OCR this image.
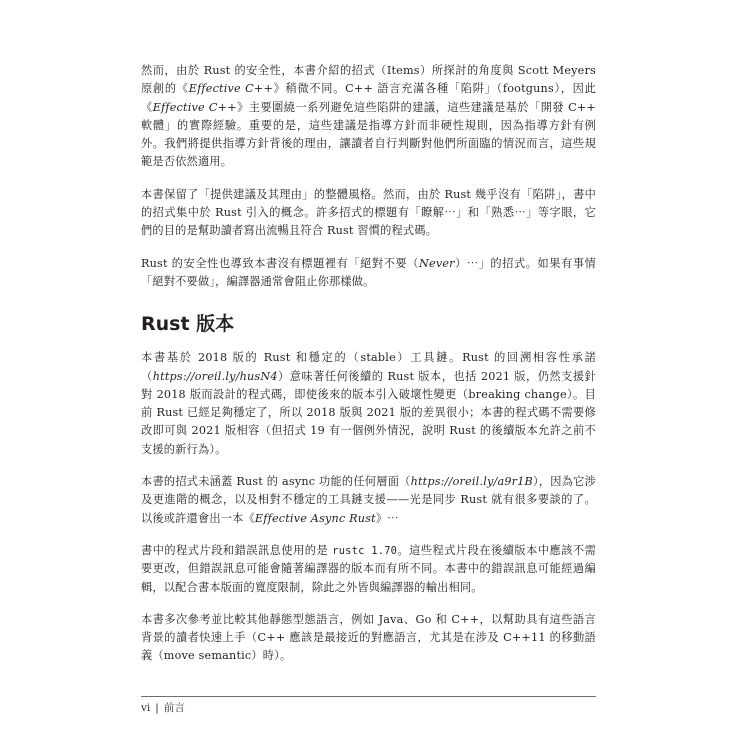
然而，由於 Rust 的安全性，本書介紹的招式（Items）所探討的角度與 Scott Meyers 原創的《Effective C++》稍微不同。C++ 語言充滿各種「陷阱」（footguns），因此《Effective C++》主要圍繞一系列避免這些陷阱的建議，這些建議是基於「開發 C++ 軟體」的實際經驗。重要的是，這些建議是指導方針而非硬性規則，因為指導方針有例外。我們將提供指導方針背後的理由，讓讀者自行判斷對他們所面臨的情況而言，這些規範是否依然適用。

本書保留了「提供建議及其理由」的整體風格。然而，由於 Rust 幾乎沒有「陷阱」，書中的招式集中於 Rust 引入的概念。許多招式的標題有「瞭解⋯」和「熟悉⋯」等字眼，它們的目的是幫助讀者寫出流暢且符合 Rust 習慣的程式碼。

Rust 的安全性也導致本書沒有標題裡有「絕對不要（Never）⋯」的招式。如果有事情「絕對不要做」，編譯器通常會阻止你那樣做。

Rust 版本

本書基於 2018 版的 Rust 和穩定的（stable）工具鏈。Rust 的回溯相容性承諾（https://oreil.ly/husN4）意味著任何後續的 Rust 版本，也括 2021 版，仍然支援針對 2018 版而設計的程式碼，即使後來的版本引入破壞性變更（breaking change）。目前 Rust 已經足夠穩定了，所以 2018 版與 2021 版的差異很小；本書的程式碼不需要修改即可與 2021 版相容（但招式 19 有一個例外情況，說明 Rust 的後續版本允許之前不支援的新行為）。

本書的招式未涵蓋 Rust 的 async 功能的任何層面（https://oreil.ly/a9r1B），因為它涉及更進階的概念，以及相對不穩定的工具鏈支援——光是同步 Rust 就有很多要談的了。以後或許還會出一本《Effective Async Rust》⋯

書中的程式片段和錯誤訊息使用的是 rustc 1.70。這些程式片段在後續版本中應該不需要更改，但錯誤訊息可能會隨著編譯器的版本而有所不同。本書中的錯誤訊息可能經過編輯，以配合書本版面的寬度限制，除此之外皆與編譯器的輸出相同。

本書多次參考並比較其他靜態型態語言，例如 Java、Go 和 C++，以幫助具有這些語言背景的讀者快速上手（C++ 應該是最接近的對應語言，尤其是在涉及 C++11 的移動語義（move semantic）時）。

vi | 前言
